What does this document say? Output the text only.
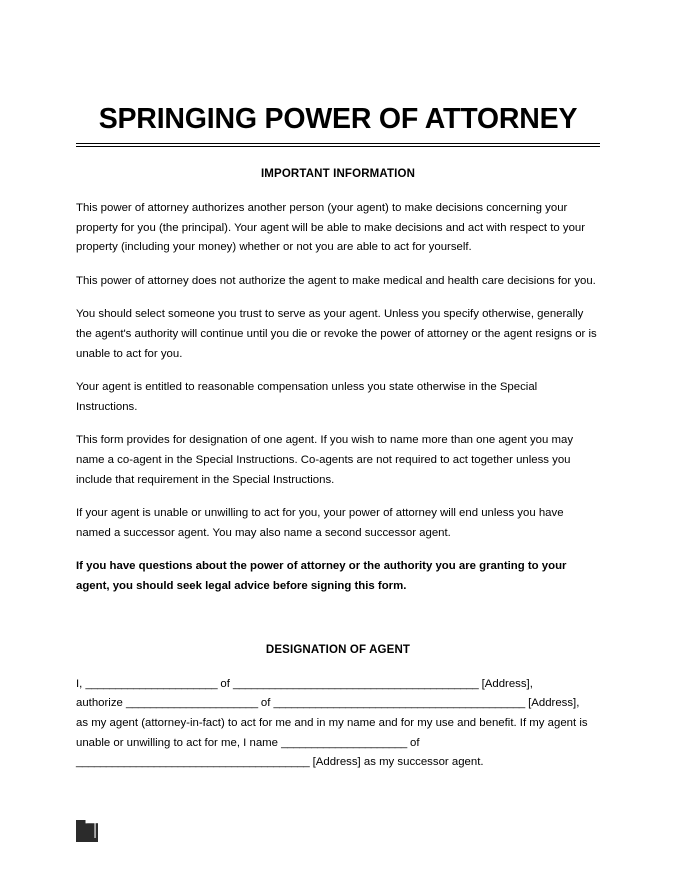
SPRINGING POWER OF ATTORNEY
IMPORTANT INFORMATION

This power of attorney authorizes another person (your agent) to make decisions concerning your property for you (the principal). Your agent will be able to make decisions and act with respect to your property (including your money) whether or not you are able to act for yourself.

This power of attorney does not authorize the agent to make medical and health care decisions for you.

You should select someone you trust to serve as your agent. Unless you specify otherwise, generally the agent's authority will continue until you die or revoke the power of attorney or the agent resigns or is unable to act for you.

Your agent is entitled to reasonable compensation unless you state otherwise in the Special Instructions.

This form provides for designation of one agent. If you wish to name more than one agent you may name a co-agent in the Special Instructions. Co-agents are not required to act together unless you include that requirement in the Special Instructions.

If your agent is unable or unwilling to act for you, your power of attorney will end unless you have named a successor agent. You may also name a second successor agent.

If you have questions about the power of attorney or the authority you are granting to your agent, you should seek legal advice before signing this form.

DESIGNATION OF AGENT

I, ______________________ of _________________________________________ [Address],

authorize ______________________ of __________________________________________ [Address],

as my agent (attorney-in-fact) to act for me and in my name and for my use and benefit. If my agent is unable or unwilling to act for me, I name _____________________ of

_______________________________________ [Address] as my successor agent.
